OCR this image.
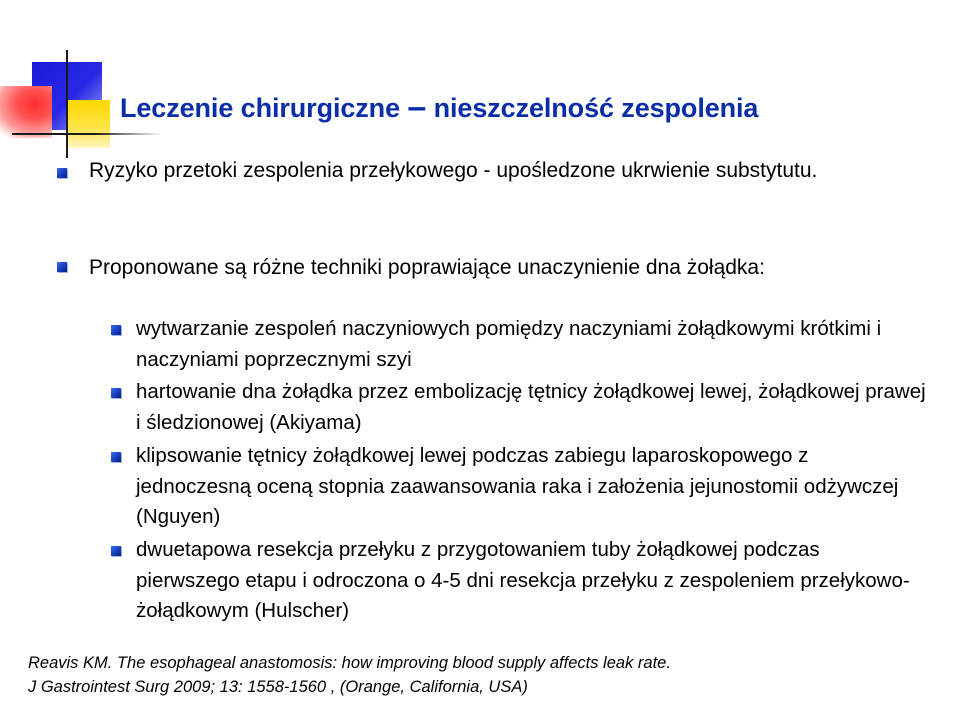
Leczenie chirurgiczne – nieszczelność zespolenia
Ryzyko przetoki zespolenia przełykowego - upośledzone ukrwienie substytutu.
Proponowane są różne techniki poprawiające unaczynienie dna żołądka:
wytwarzanie zespoleń naczyniowych pomiędzy naczyniami żołądkowymi krótkimi i naczyniami poprzecznymi szyi
hartowanie dna żołądka przez embolizację tętnicy żołądkowej lewej, żołądkowej prawej i śledzionowej (Akiyama)
klipsowanie tętnicy żołądkowej lewej podczas zabiegu laparoskopowego z jednoczesną oceną stopnia zaawansowania raka i założenia jejunostomii odżywczej (Nguyen)
dwuetapowa resekcja przełyku z przygotowaniem tuby żołądkowej podczas pierwszego etapu i odroczona o 4-5 dni resekcja przełyku z zespoleniem przełykowo-żołądkowym (Hulscher)
Reavis KM. The esophageal anastomosis: how improving blood supply affects leak rate.
J Gastrointest Surg 2009; 13: 1558-1560 , (Orange, California, USA)
